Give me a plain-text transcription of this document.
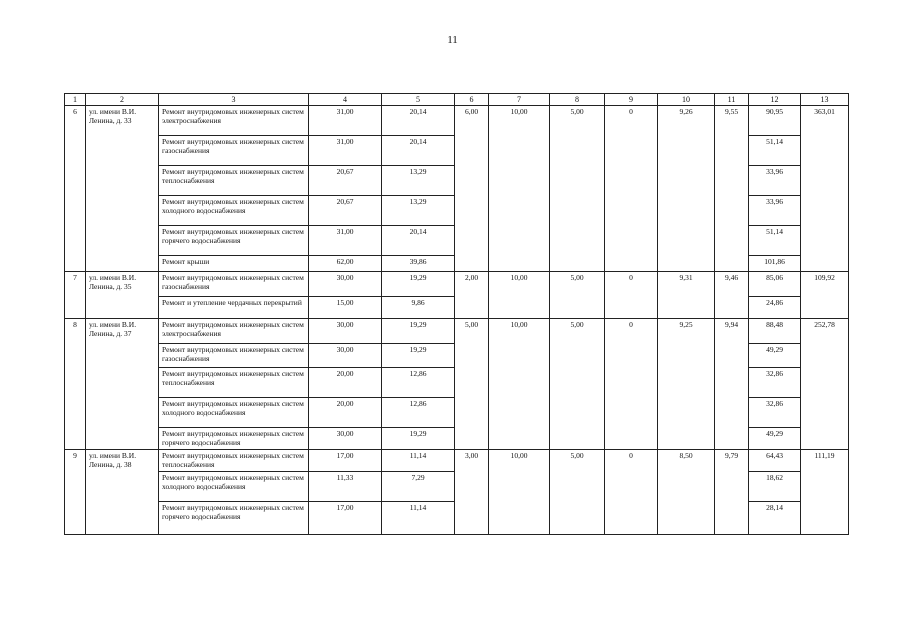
11
1	2	3	4	5	6	7	8	9	10	11	12	13
6	ул. имени В.И. Ленина, д. 33	Ремонт внутридомовых инженерных систем электроснабжения	31,00	20,14	6,00	10,00	5,00	0	9,26	9,55	90,95	363,01
		Ремонт внутридомовых инженерных систем газоснабжения	31,00	20,14							51,14	
		Ремонт внутридомовых инженерных систем теплоснабжения	20,67	13,29							33,96	
		Ремонт внутридомовых инженерных систем холодного водоснабжения	20,67	13,29							33,96	
		Ремонт внутридомовых инженерных систем горячего водоснабжения	31,00	20,14							51,14	
		Ремонт крыши	62,00	39,86							101,86	
7	ул. имени В.И. Ленина, д. 35	Ремонт внутридомовых инженерных систем газоснабжения	30,00	19,29	2,00	10,00	5,00	0	9,31	9,46	85,06	109,92
		Ремонт и утепление чердачных перекрытий	15,00	9,86							24,86	
8	ул. имени В.И. Ленина, д. 37	Ремонт внутридомовых инженерных систем электроснабжения	30,00	19,29	5,00	10,00	5,00	0	9,25	9,94	88,48	252,78
		Ремонт внутридомовых инженерных систем газоснабжения	30,00	19,29							49,29	
		Ремонт внутридомовых инженерных систем теплоснабжения	20,00	12,86							32,86	
		Ремонт внутридомовых инженерных систем холодного водоснабжения	20,00	12,86							32,86	
		Ремонт внутридомовых инженерных систем горячего водоснабжения	30,00	19,29							49,29	
9	ул. имени В.И. Ленина, д. 38	Ремонт внутридомовых инженерных систем теплоснабжения	17,00	11,14	3,00	10,00	5,00	0	8,50	9,79	64,43	111,19
		Ремонт внутридомовых инженерных систем холодного водоснабжения	11,33	7,29							18,62	
		Ремонт внутридомовых инженерных систем горячего водоснабжения	17,00	11,14							28,14	
